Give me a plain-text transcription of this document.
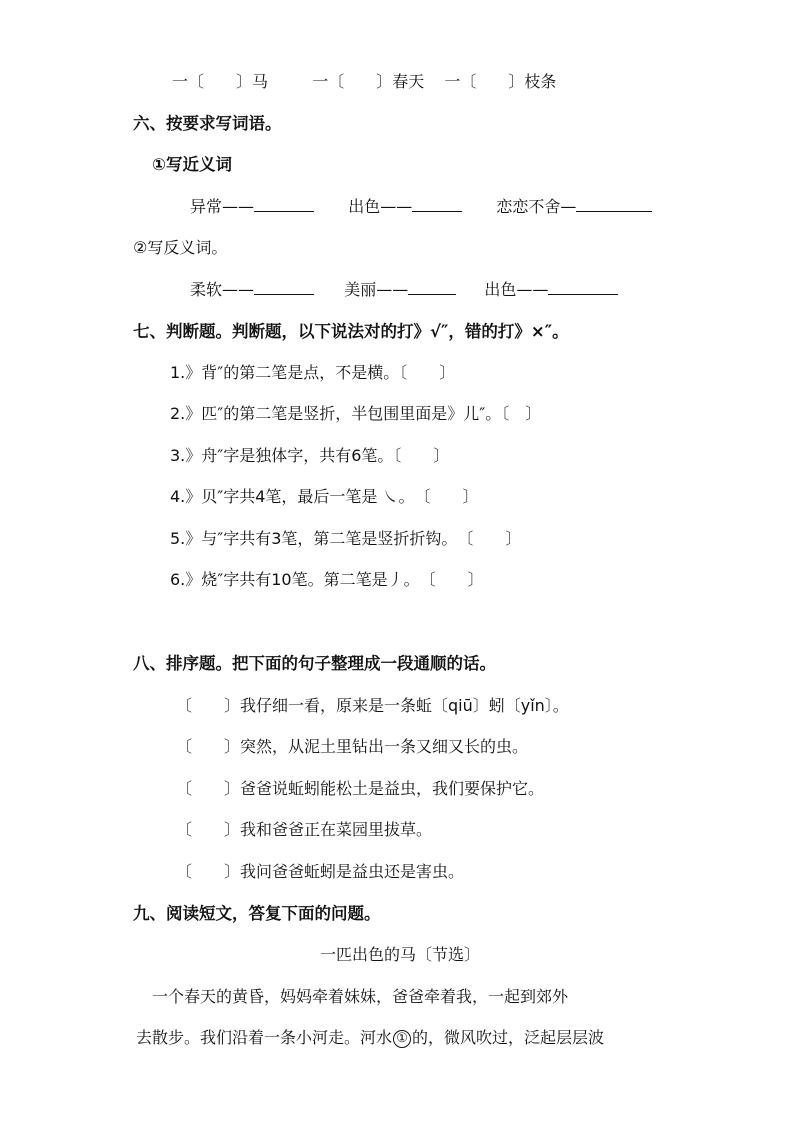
一〔　　〕马	一〔　　〕春天 一〔　　〕枝条
六、按要求写词语。
①写近义词
异常——	出色——	恋恋不舍—
②写反义词。
柔软——	美丽——	出色——
七、判断题。判断题，以下说法对的打》√″，错的打》×″。
1.》背″的第二笔是点，不是横。〔　　〕
2.》匹″的第二笔是竖折，半包围里面是》儿″。〔　〕
3.》舟″字是独体字，共有6笔。〔　　〕
4.》贝″字共4笔，最后一笔是 ㇏。　〔　　〕
5.》与″字共有3笔，第二笔是竖折折钩。　〔　　〕
6.》烧″字共有10笔。第二笔是丿。　〔　　〕
八、排序题。把下面的句子整理成一段通顺的话。
〔　　〕我仔细一看，原来是一条蚯〔qiū〕蚓〔yǐn〕。
〔　　〕突然，从泥土里钻出一条又细又长的虫。
〔　　〕爸爸说蚯蚓能松土是益虫，我们要保护它。
〔　　〕我和爸爸正在菜园里拔草。
〔　　〕我问爸爸蚯蚓是益虫还是害虫。
九、阅读短文，答复下面的问题。
一匹出色的马〔节选〕
　一个春天的黄昏，妈妈牵着妹妹，爸爸牵着我，一起到郊外
去散步。我们沿着一条小河走。河水 ① 的，微风吹过，泛起层层波
